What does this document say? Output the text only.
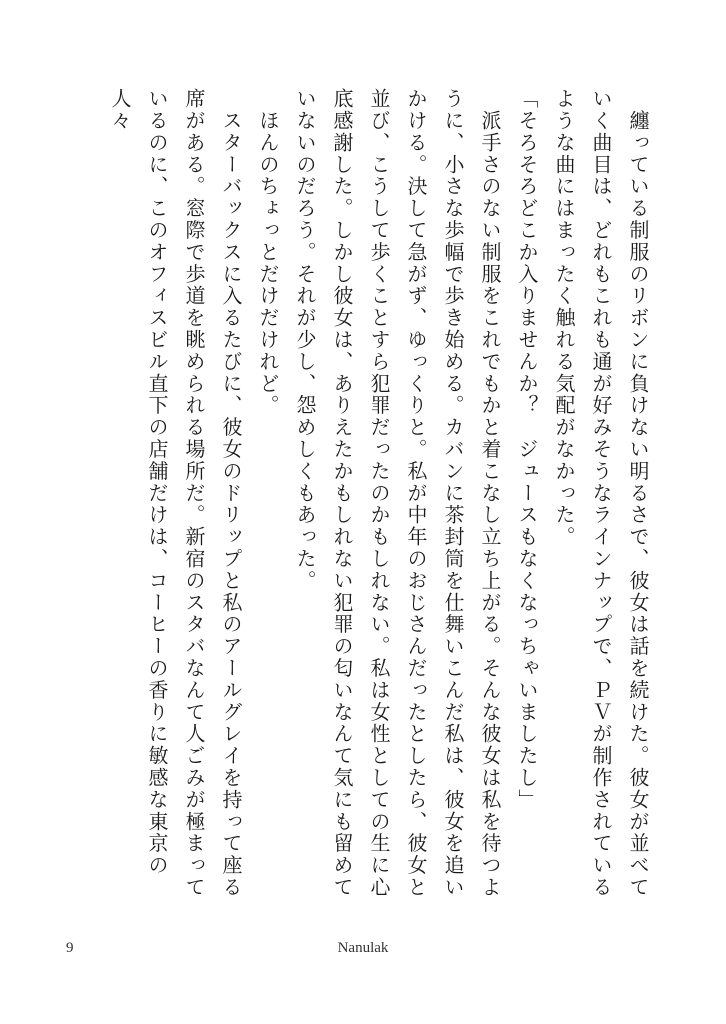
　纏っている制服のリボンに負けない明るさで、彼女は話を続けた。彼女が並べて
いく曲目は、どれもこれも通が好みそうなラインナップで、ＰＶが制作されている
ような曲にはまったく触れる気配がなかった。

「そろそろどこか入りませんか？　ジュースもなくなっちゃいましたし」
　派手さのない制服をこれでもかと着こなし立ち上がる。そんな彼女は私を待つよ
うに、小さな歩幅で歩き始める。カバンに茶封筒を仕舞いこんだ私は、彼女を追い
かける。決して急がず、ゆっくりと。私が中年のおじさんだったとしたら、彼女と
並び、こうして歩くことすら犯罪だったのかもしれない。私は女性としての生に心
底感謝した。しかし彼女は、ありえたかもしれない犯罪の匂いなんて気にも留めて
いないのだろう。それが少し、怨めしくもあった。
　ほんのちょっとだけだけれど。

　スターバックスに入るたびに、彼女のドリップと私のアールグレイを持って座る
席がある。窓際で歩道を眺められる場所だ。新宿のスタバなんて人ごみが極まって
いるのに、このオフィスビル直下の店舗だけは、コーヒーの香りに敏感な東京の人々

9	Nanulak
